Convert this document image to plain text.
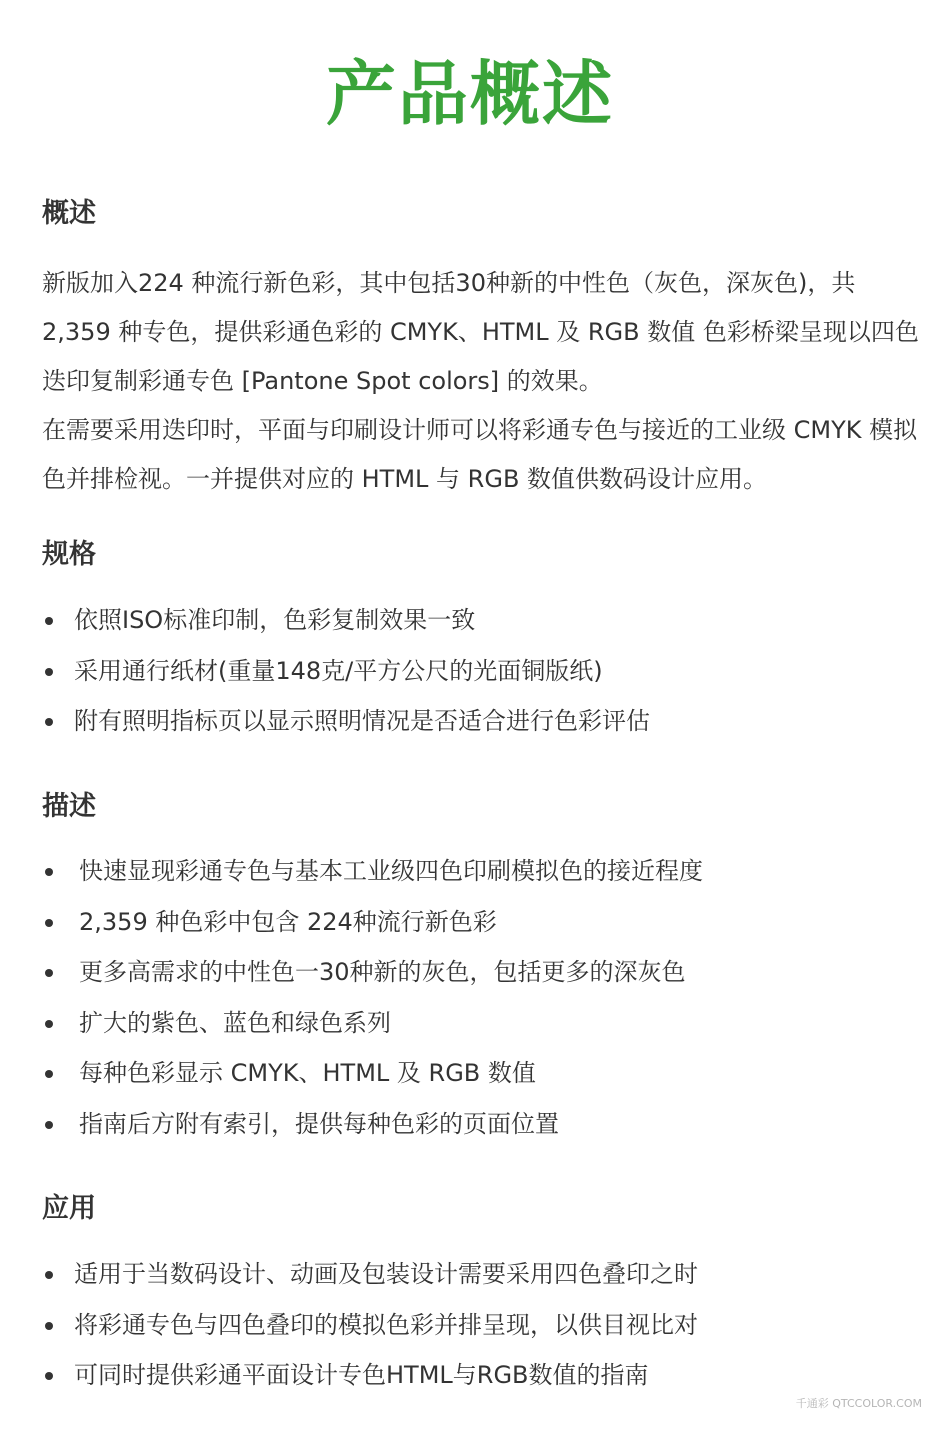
产品概述
概述

新版加入224 种流行新色彩，其中包括30种新的中性色（灰色，深灰色)，共 2,359 种专色，提供彩通色彩的 CMYK、HTML 及 RGB 数值 色彩桥梁呈现以四色迭印复制彩通专色 [Pantone Spot colors] 的效果。

在需要采用迭印时，平面与印刷设计师可以将彩通专色与接近的工业级 CMYK 模拟色并排检视。一并提供对应的 HTML 与 RGB 数值供数码设计应用。

规格
依照ISO标准印制，色彩复制效果一致
采用通行纸材(重量148克/平方公尺的光面铜版纸)
附有照明指标页以显示照明情况是否适合进行色彩评估
描述
快速显现彩通专色与基本工业级四色印刷模拟色的接近程度
2,359 种色彩中包含 224种流行新色彩
更多高需求的中性色一30种新的灰色，包括更多的深灰色
扩大的紫色、蓝色和绿色系列
每种色彩显示 CMYK、HTML 及 RGB 数值
指南后方附有索引，提供每种色彩的页面位置
应用
适用于当数码设计、动画及包装设计需要采用四色叠印之时
将彩通专色与四色叠印的模拟色彩并排呈现，以供目视比对
可同时提供彩通平面设计专色HTML与RGB数值的指南
千通彩 QTCCOLOR.COM
